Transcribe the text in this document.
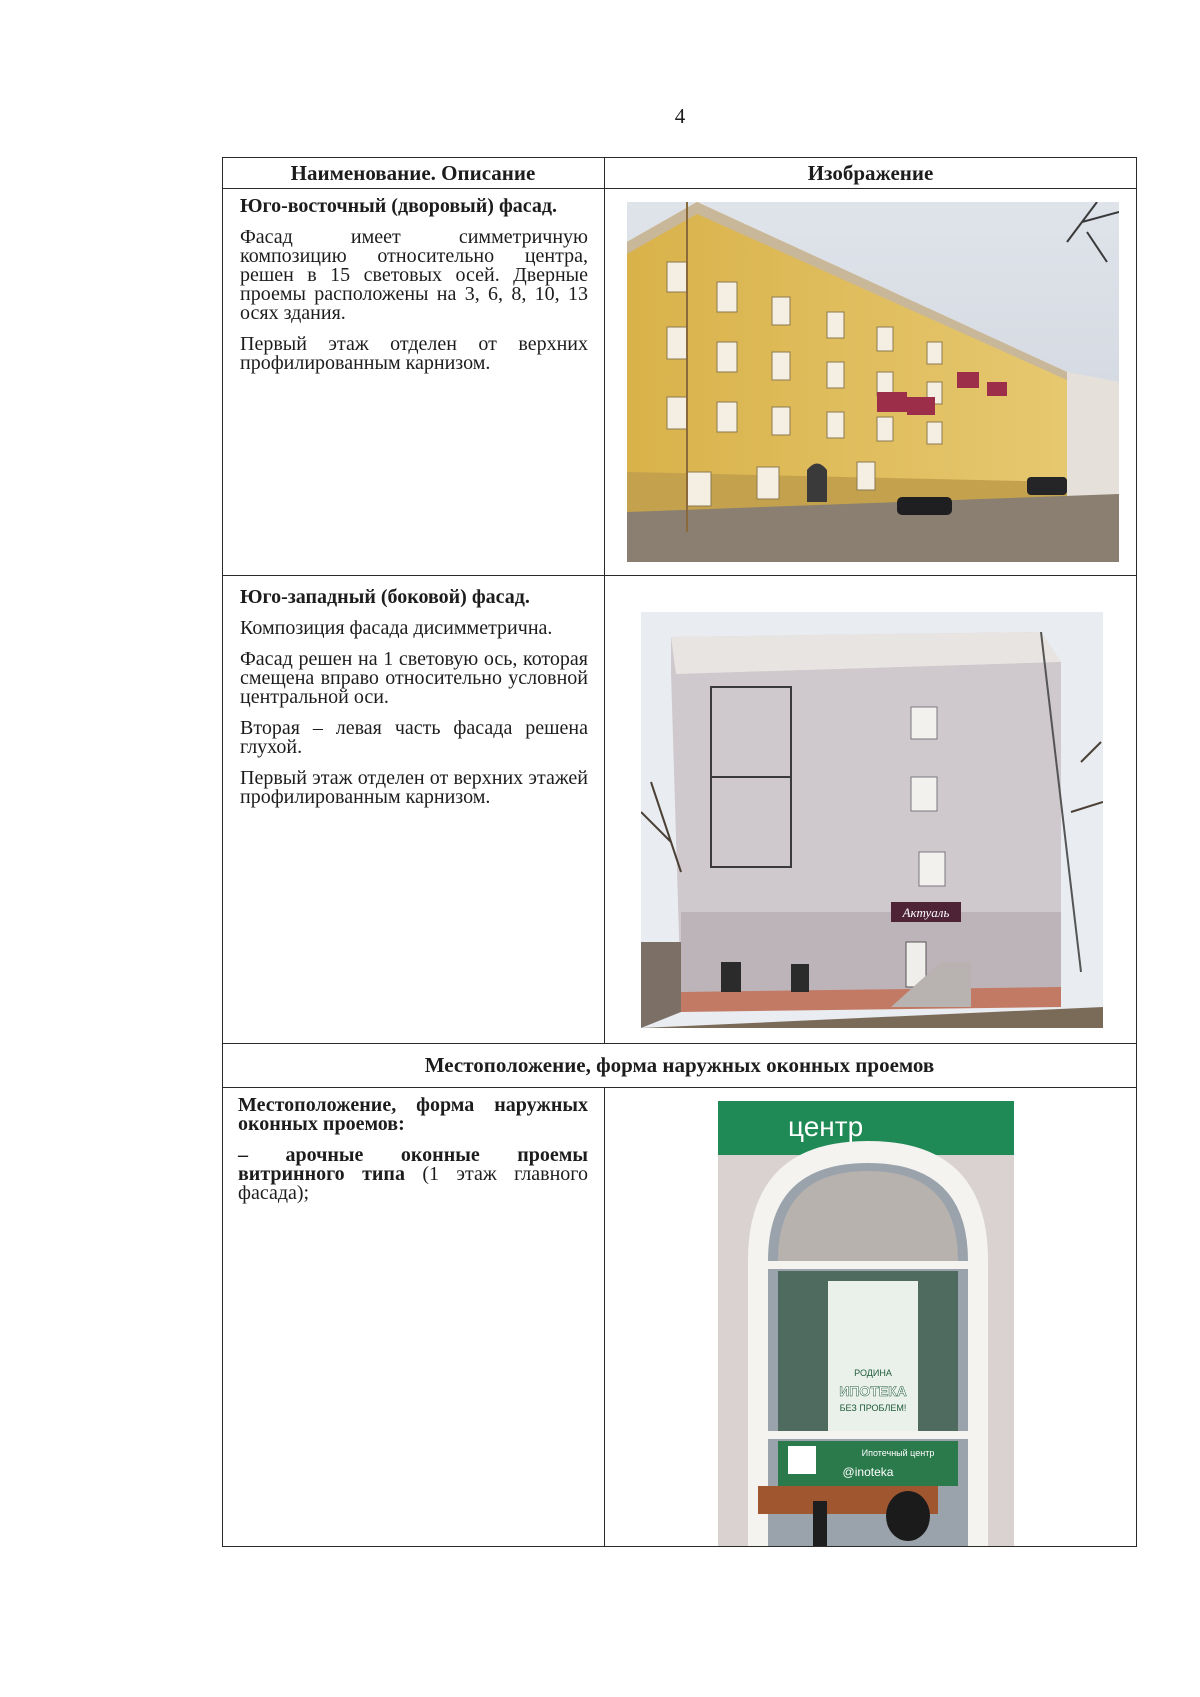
4
Наименование. Описание	Изображение

Юго-восточный (дворовый) фасад.

Фасад имеет симметричную композицию относительно центра, решен в 15 световых осей. Дверные проемы расположены на 3, 6, 8, 10, 13 осях здания.

Первый этаж отделен от верхних профилированным карнизом.

Юго-западный (боковой) фасад.

Композиция фасада дисимметрична.

Фасад решен на 1 световую ось, которая смещена вправо относительно условной центральной оси.

Вторая – левая часть фасада решена глухой.

Первый этаж отделен от верхних этажей профилированным карнизом.

Актуаль
Местоположение, форма наружных оконных проемов

Местоположение, форма наружных оконных проемов:

– арочные оконные проемы витринного типа (1 этаж главного фасада);

центр
РОДИНА
ИПОТЕКА
БЕЗ ПРОБЛЕМ!
Ипотечный центр
@inoteka
